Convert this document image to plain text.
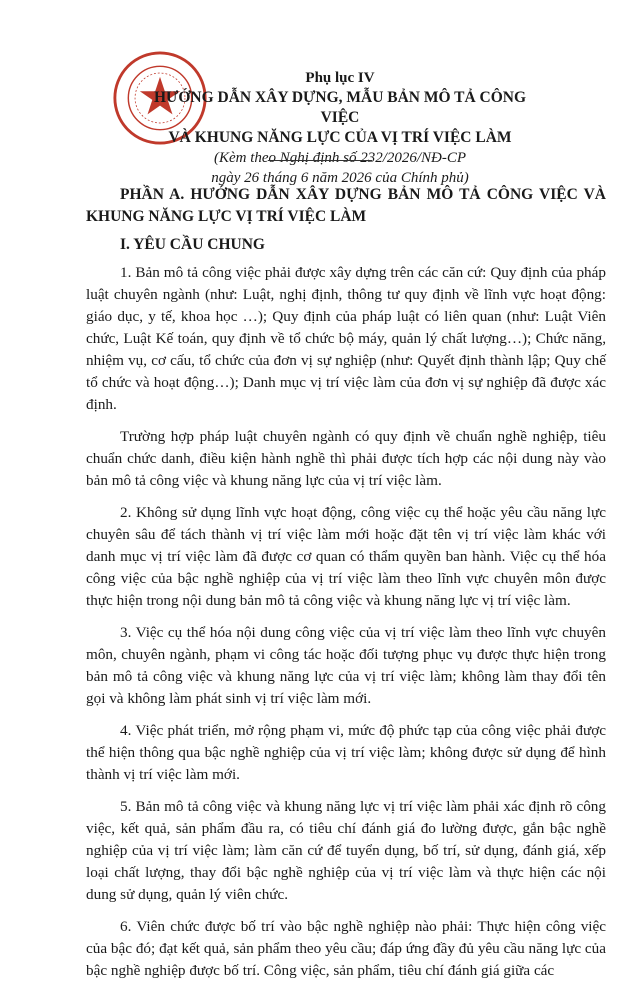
Phụ lục IV
HƯỚNG DẪN XÂY DỰNG, MẪU BẢN MÔ TẢ CÔNG VIỆC
VÀ KHUNG NĂNG LỰC CỦA VỊ TRÍ VIỆC LÀM
(Kèm theo Nghị định số 232/2026/NĐ-CP
ngày 26 tháng 6 năm 2026 của Chính phủ)
PHẦN A. HƯỚNG DẪN XÂY DỰNG BẢN MÔ TẢ CÔNG VIỆC VÀ KHUNG NĂNG LỰC VỊ TRÍ VIỆC LÀM
I. YÊU CẦU CHUNG

1. Bản mô tả công việc phải được xây dựng trên các căn cứ: Quy định của pháp luật chuyên ngành (như: Luật, nghị định, thông tư quy định về lĩnh vực hoạt động: giáo dục, y tế, khoa học …); Quy định của pháp luật có liên quan (như: Luật Viên chức, Luật Kế toán, quy định về tổ chức bộ máy, quản lý chất lượng…); Chức năng, nhiệm vụ, cơ cấu, tổ chức của đơn vị sự nghiệp (như: Quyết định thành lập; Quy chế tổ chức và hoạt động…); Danh mục vị trí việc làm của đơn vị sự nghiệp đã được xác định.

Trường hợp pháp luật chuyên ngành có quy định về chuẩn nghề nghiệp, tiêu chuẩn chức danh, điều kiện hành nghề thì phải được tích hợp các nội dung này vào bản mô tả công việc và khung năng lực của vị trí việc làm.

2. Không sử dụng lĩnh vực hoạt động, công việc cụ thể hoặc yêu cầu năng lực chuyên sâu để tách thành vị trí việc làm mới hoặc đặt tên vị trí việc làm khác với danh mục vị trí việc làm đã được cơ quan có thẩm quyền ban hành. Việc cụ thể hóa công việc của bậc nghề nghiệp của vị trí việc làm theo lĩnh vực chuyên môn được thực hiện trong nội dung bản mô tả công việc và khung năng lực vị trí việc làm.

3. Việc cụ thể hóa nội dung công việc của vị trí việc làm theo lĩnh vực chuyên môn, chuyên ngành, phạm vi công tác hoặc đối tượng phục vụ được thực hiện trong bản mô tả công việc và khung năng lực của vị trí việc làm; không làm thay đổi tên gọi và không làm phát sinh vị trí việc làm mới.

4. Việc phát triển, mở rộng phạm vi, mức độ phức tạp của công việc phải được thể hiện thông qua bậc nghề nghiệp của vị trí việc làm; không được sử dụng để hình thành vị trí việc làm mới.

5. Bản mô tả công việc và khung năng lực vị trí việc làm phải xác định rõ công việc, kết quả, sản phẩm đầu ra, có tiêu chí đánh giá đo lường được, gắn bậc nghề nghiệp của vị trí việc làm; làm căn cứ để tuyển dụng, bố trí, sử dụng, đánh giá, xếp loại chất lượng, thay đổi bậc nghề nghiệp của vị trí việc làm và thực hiện các nội dung sử dụng, quản lý viên chức.

6. Viên chức được bố trí vào bậc nghề nghiệp nào phải: Thực hiện công việc của bậc đó; đạt kết quả, sản phẩm theo yêu cầu; đáp ứng đầy đủ yêu cầu năng lực của bậc nghề nghiệp được bố trí. Công việc, sản phẩm, tiêu chí đánh giá giữa các
